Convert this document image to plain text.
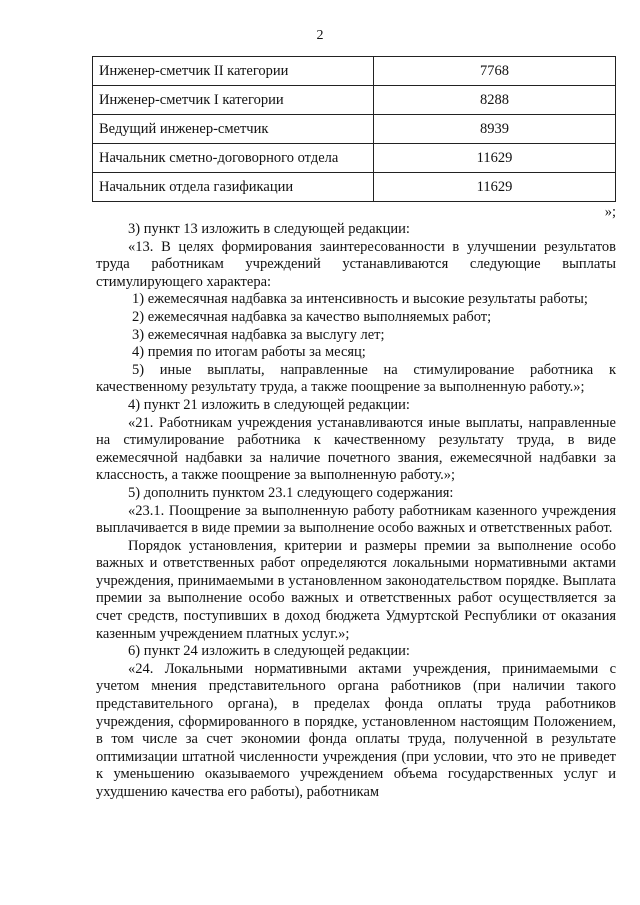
2
Инженер-сметчик II категории	7768
Инженер-сметчик I категории	8288
Ведущий инженер-сметчик	8939
Начальник сметно-договорного отдела	11629
Начальник отдела газификации	11629
»;

3) пункт 13 изложить в следующей редакции:

«13. В целях формирования заинтересованности в улучшении результатов труда работникам учреждений устанавливаются следующие выплаты стимулирующего характера:

1) ежемесячная надбавка за интенсивность и высокие результаты работы;

2) ежемесячная надбавка за качество выполняемых работ;

3) ежемесячная надбавка за выслугу лет;

4) премия по итогам работы за месяц;

5) иные выплаты, направленные на стимулирование работника к качественному результату труда, а также поощрение за выполненную работу.»;

4) пункт 21 изложить в следующей редакции:

«21. Работникам учреждения устанавливаются иные выплаты, направленные на стимулирование работника к качественному результату труда, в виде ежемесячной надбавки за наличие почетного звания, ежемесячной надбавки за классность, а также поощрение за выполненную работу.»;

5) дополнить пунктом 23.1 следующего содержания:

«23.1. Поощрение за выполненную работу работникам казенного учреждения выплачивается в виде премии за выполнение особо важных и ответственных работ.

Порядок установления, критерии и размеры премии за выполнение особо важных и ответственных работ определяются локальными нормативными актами учреждения, принимаемыми в установленном законодательством порядке. Выплата премии за выполнение особо важных и ответственных работ осуществляется за счет средств, поступивших в доход бюджета Удмуртской Республики от оказания казенным учреждением платных услуг.»;

6) пункт 24 изложить в следующей редакции:

«24. Локальными нормативными актами учреждения, принимаемыми с учетом мнения представительного органа работников (при наличии такого представительного органа), в пределах фонда оплаты труда работников учреждения, сформированного в порядке, установленном настоящим Положением, в том числе за счет экономии фонда оплаты труда, полученной в результате оптимизации штатной численности учреждения (при условии, что это не приведет к уменьшению оказываемого учреждением объема государственных услуг и ухудшению качества его работы), работникам
